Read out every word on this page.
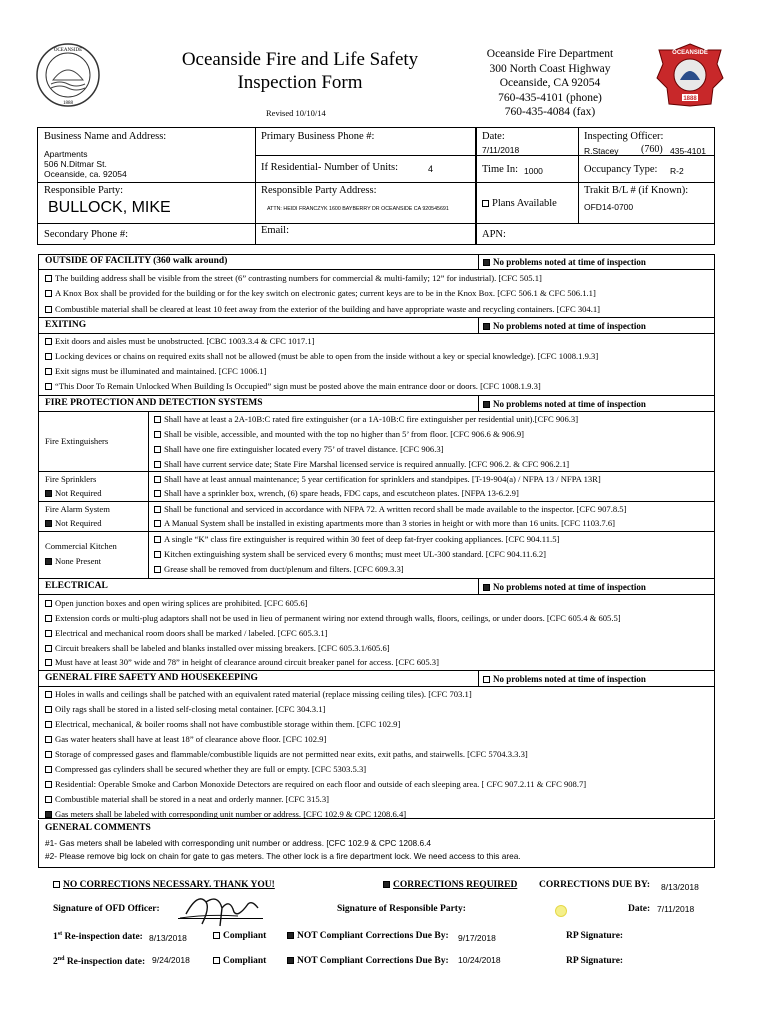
OCEANSIDE
1888
Oceanside Fire and Life Safety
Inspection Form
Revised 10/10/14
Oceanside Fire Department
300 North Coast Highway
Oceanside, CA 92054
760-435-4101 (phone)
760-435-4084 (fax)
1888
OCEANSIDE
Business Name and Address:
Apartments
506 N.Ditmar St.
Oceanside, ca. 92054
Primary Business Phone #:
If Residential- Number of Units:	4
Date:
7/11/2018
Inspecting Officer:
R.Stacey (760) 435-4101
Time In: 1000	Occupancy Type: R-2
Responsible Party:
BULLOCK, MIKE
Responsible Party Address:
ATTN: HEIDI FRANCZYK 1600 BAYBERRY DR OCEANSIDE CA 920545691	Plans Available
Trakit B/L # (if Known):
OFD14-0700
Secondary Phone #:	Email:	APN:
OUTSIDE OF FACILITY (360 walk around)	No problems noted at time of inspection
The building address shall be visible from the street (6” contrasting numbers for commercial & multi-family; 12” for industrial). [CFC 505.1]
A Knox Box shall be provided for the building or for the key switch on electronic gates; current keys are to be in the Knox Box. [CFC 506.1 & CFC 506.1.1]
Combustible material shall be cleared at least 10 feet away from the exterior of the building and have appropriate waste and recycling containers. [CFC 304.1]
EXITING	No problems noted at time of inspection
Exit doors and aisles must be unobstructed. [CBC 1003.3.4 & CFC 1017.1]
Locking devices or chains on required exits shall not be allowed (must be able to open from the inside without a key or special knowledge). [CFC 1008.1.9.3]
Exit signs must be illuminated and maintained. [CFC 1006.1]
“This Door To Remain Unlocked When Building Is Occupied” sign must be posted above the main entrance door or doors. [CFC 1008.1.9.3]
FIRE PROTECTION AND DETECTION SYSTEMS	No problems noted at time of inspection
Fire Extinguishers
Shall have at least a 2A-10B:C rated fire extinguisher (or a 1A-10B:C fire extinguisher per residential unit).[CFC 906.3]
Shall be visible, accessible, and mounted with the top no higher than 5’ from floor. [CFC 906.6 & 906.9]
Shall have one fire extinguisher located every 75’ of travel distance. [CFC 906.3]
Shall have current service date; State Fire Marshal licensed service is required annually. [CFC 906.2. & CFC 906.2.1]
Fire Sprinklers
Not Required
Shall have at least annual maintenance; 5 year certification for sprinklers and standpipes. [T-19-904(a) / NFPA 13 / NFPA 13R]
Shall have a sprinkler box, wrench, (6) spare heads, FDC caps, and escutcheon plates. [NFPA 13-6.2.9]
Fire Alarm System
Not Required
Shall be functional and serviced in accordance with NFPA 72. A written record shall be made available to the inspector. [CFC 907.8.5]
A Manual System shall be installed in existing apartments more than 3 stories in height or with more than 16 units. [CFC 1103.7.6]
Commercial Kitchen
None Present
A single “K” class fire extinguisher is required within 30 feet of deep fat-fryer cooking appliances. [CFC 904.11.5]
Kitchen extinguishing system shall be serviced every 6 months; must meet UL-300 standard. [CFC 904.11.6.2]
Grease shall be removed from duct/plenum and filters. [CFC 609.3.3]
ELECTRICAL	No problems noted at time of inspection
Open junction boxes and open wiring splices are prohibited. [CFC 605.6]
Extension cords or multi-plug adaptors shall not be used in lieu of permanent wiring nor extend through walls, floors, ceilings, or under doors. [CFC 605.4 & 605.5]
Electrical and mechanical room doors shall be marked / labeled. [CFC 605.3.1]
Circuit breakers shall be labeled and blanks installed over missing breakers. [CFC 605.3.1/605.6]
Must have at least 30” wide and 78” in height of clearance around circuit breaker panel for access. [CFC 605.3]
GENERAL FIRE SAFETY AND HOUSEKEEPING	No problems noted at time of inspection
Holes in walls and ceilings shall be patched with an equivalent rated material (replace missing ceiling tiles). [CFC 703.1]
Oily rags shall be stored in a listed self-closing metal container. [CFC 304.3.1]
Electrical, mechanical, & boiler rooms shall not have combustible storage within them. [CFC 102.9]
Gas water heaters shall have at least 18” of clearance above floor. [CFC 102.9]
Storage of compressed gases and flammable/combustible liquids are not permitted near exits, exit paths, and stairwells. [CFC 5704.3.3.3]
Compressed gas cylinders shall be secured whether they are full or empty. [CFC 5303.5.3]
Residential: Operable Smoke and Carbon Monoxide Detectors are required on each floor and outside of each sleeping area. [ CFC 907.2.11 & CFC 908.7]
Combustible material shall be stored in a neat and orderly manner. [CFC 315.3]
Gas meters shall be labeled with corresponding unit number or address. [CFC 102.9 & CPC 1208.6.4]
GENERAL COMMENTS
#1- Gas meters shall be labeled with corresponding unit number or address. [CFC 102.9 & CPC 1208.6.4
#2- Please remove big lock on chain for gate to gas meters. The other lock is a fire department lock. We need access to this area.
NO CORRECTIONS NECESSARY. THANK YOU!	CORRECTIONS REQUIRED CORRECTIONS DUE BY: 8/13/2018
Signature of OFD Officer:	Signature of Responsible Party:	Date: 7/11/2018
1st Re-inspection date: 8/13/2018	Compliant	NOT Compliant Corrections Due By: 9/17/2018	RP Signature:
2nd Re-inspection date: 9/24/2018	Compliant	NOT Compliant Corrections Due By: 10/24/2018	RP Signature:
